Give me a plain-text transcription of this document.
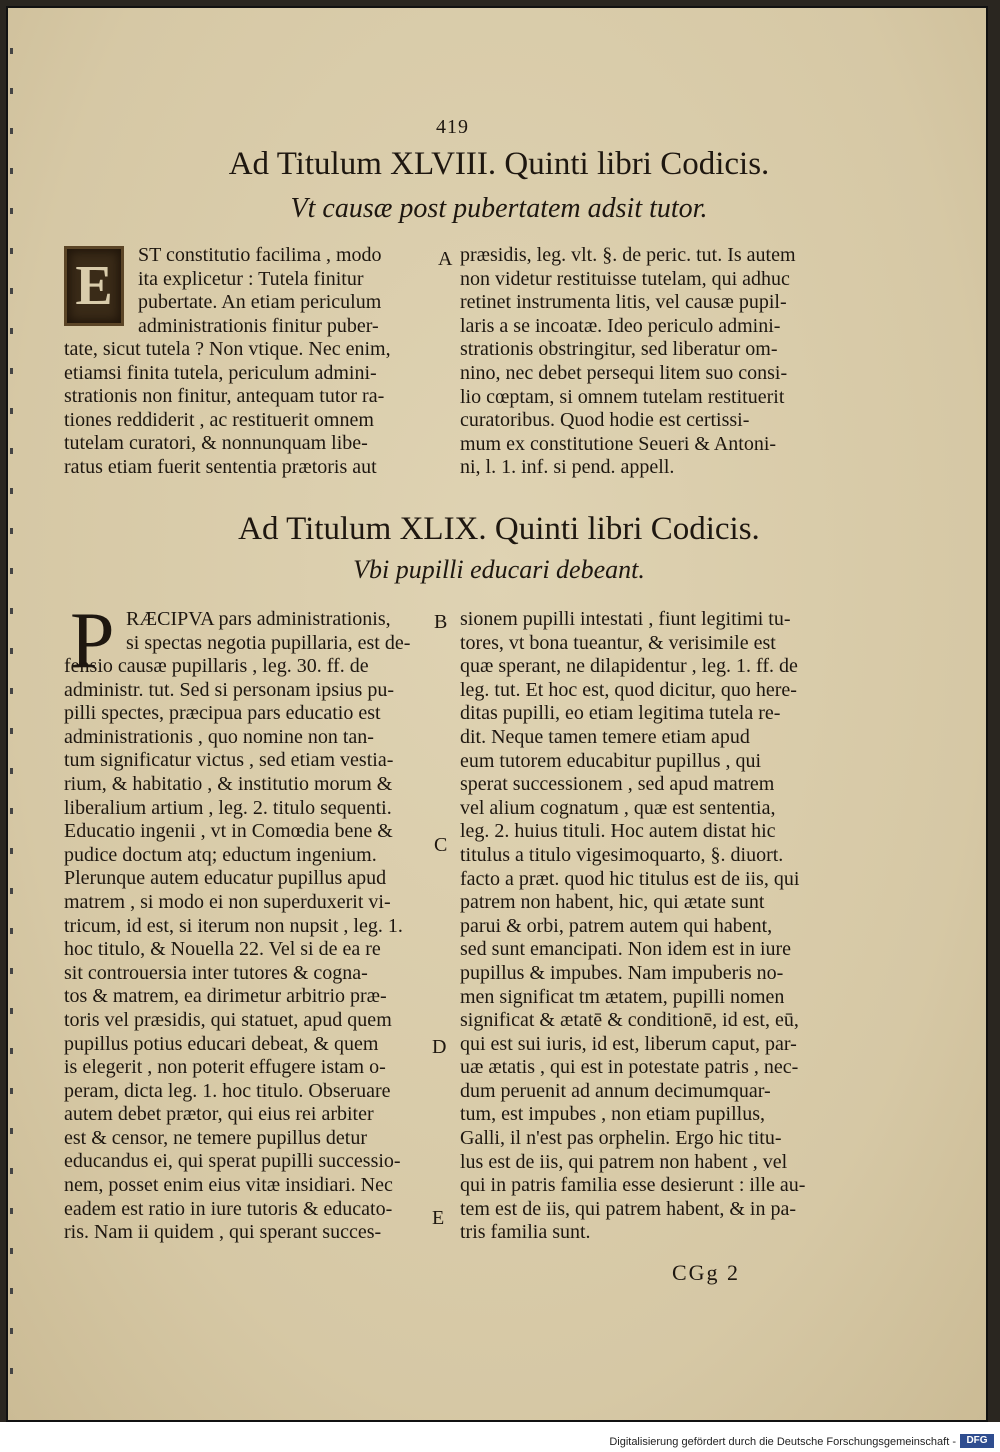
419
Ad Titulum XLVIII. Quinti libri Codicis.
Vt causæ post pubertatem adsit tutor.
E	ST constitutio facilima , modo
ita explicetur : Tutela finitur
pubertate. An etiam periculum
administrationis finitur puber-
tate, sicut tutela ? Non vtique. Nec enim,
etiamsi finita tutela, periculum admini-
strationis non finitur, antequam tutor ra-
tiones reddiderit , ac restituerit omnem
tutelam curatori, & nonnunquam libe-
ratus etiam fuerit sententia prætoris aut
A præsidis, leg. vlt. §. de peric. tut. Is autem
non videtur restituisse tutelam, qui adhuc
retinet instrumenta litis, vel causæ pupil-
laris a se incoatæ. Ideo periculo admini-
strationis obstringitur, sed liberatur om-
nino, nec debet persequi litem suo consi-
lio cœptam, si omnem tutelam restituerit
curatoribus. Quod hodie est certissi-
mum ex constitutione Seueri & Antoni-
ni, l. 1. inf. si pend. appell.
Ad Titulum XLIX. Quinti libri Codicis.
Vbi pupilli educari debeant.
P RÆCIPVA pars administrationis,
si spectas negotia pupillaria, est de-
fensio causæ pupillaris , leg. 30. ff. de
administr. tut. Sed si personam ipsius pu-
pilli spectes, præcipua pars educatio est
administrationis , quo nomine non tan-
tum significatur victus , sed etiam vestia-
rium, & habitatio , & institutio morum &
liberalium artium , leg. 2. titulo sequenti.
Educatio ingenii , vt in Comœdia bene &
pudice doctum atq; eductum ingenium.
Plerunque autem educatur pupillus apud
matrem , si modo ei non superduxerit vi-
tricum, id est, si iterum non nupsit , leg. 1.
hoc titulo, & Nouella 22. Vel si de ea re
sit controuersia inter tutores & cogna-
tos & matrem, ea dirimetur arbitrio præ-
toris vel præsidis, qui statuet, apud quem
pupillus potius educari debeat, & quem
is elegerit , non poterit effugere istam o-
peram, dicta leg. 1. hoc titulo. Obseruare
autem debet prætor, qui eius rei arbiter
est & censor, ne temere pupillus detur
educandus ei, qui sperat pupilli successio-
nem, posset enim eius vitæ insidiari. Nec
eadem est ratio in iure tutoris & educato-
ris. Nam ii quidem , qui sperant succes-
sionem pupilli intestati , fiunt legitimi tu-
tores, vt bona tueantur, & verisimile est
quæ sperant, ne dilapidentur , leg. 1. ff. de
leg. tut. Et hoc est, quod dicitur, quo here-
ditas pupilli, eo etiam legitima tutela re-
dit. Neque tamen temere etiam apud
eum tutorem educabitur pupillus , qui
sperat successionem , sed apud matrem
vel alium cognatum , quæ est sententia,
leg. 2. huius tituli. Hoc autem distat hic
titulus a titulo vigesimoquarto, §. diuort.
facto a præt. quod hic titulus est de iis, qui
patrem non habent, hic, qui ætate sunt
parui & orbi, patrem autem qui habent,
sed sunt emancipati. Non idem est in iure
pupillus & impubes. Nam impuberis no-
men significat tm ætatem, pupilli nomen
significat & ætatē & conditionē, id est, eū,
qui est sui iuris, id est, liberum caput, par-
uæ ætatis , qui est in potestate patris , nec-
dum peruenit ad annum decimumquar-
tum, est impubes , non etiam pupillus,
Galli, il n'est pas orphelin. Ergo hic titu-
lus est de iis, qui patrem non habent , vel
qui in patris familia esse desierunt : ille au-
tem est de iis, qui patrem habent, & in pa-
tris familia sunt.
B
C
D
E
CGg 2
Digitalisierung gefördert durch die Deutsche Forschungsgemeinschaft -	DFG
